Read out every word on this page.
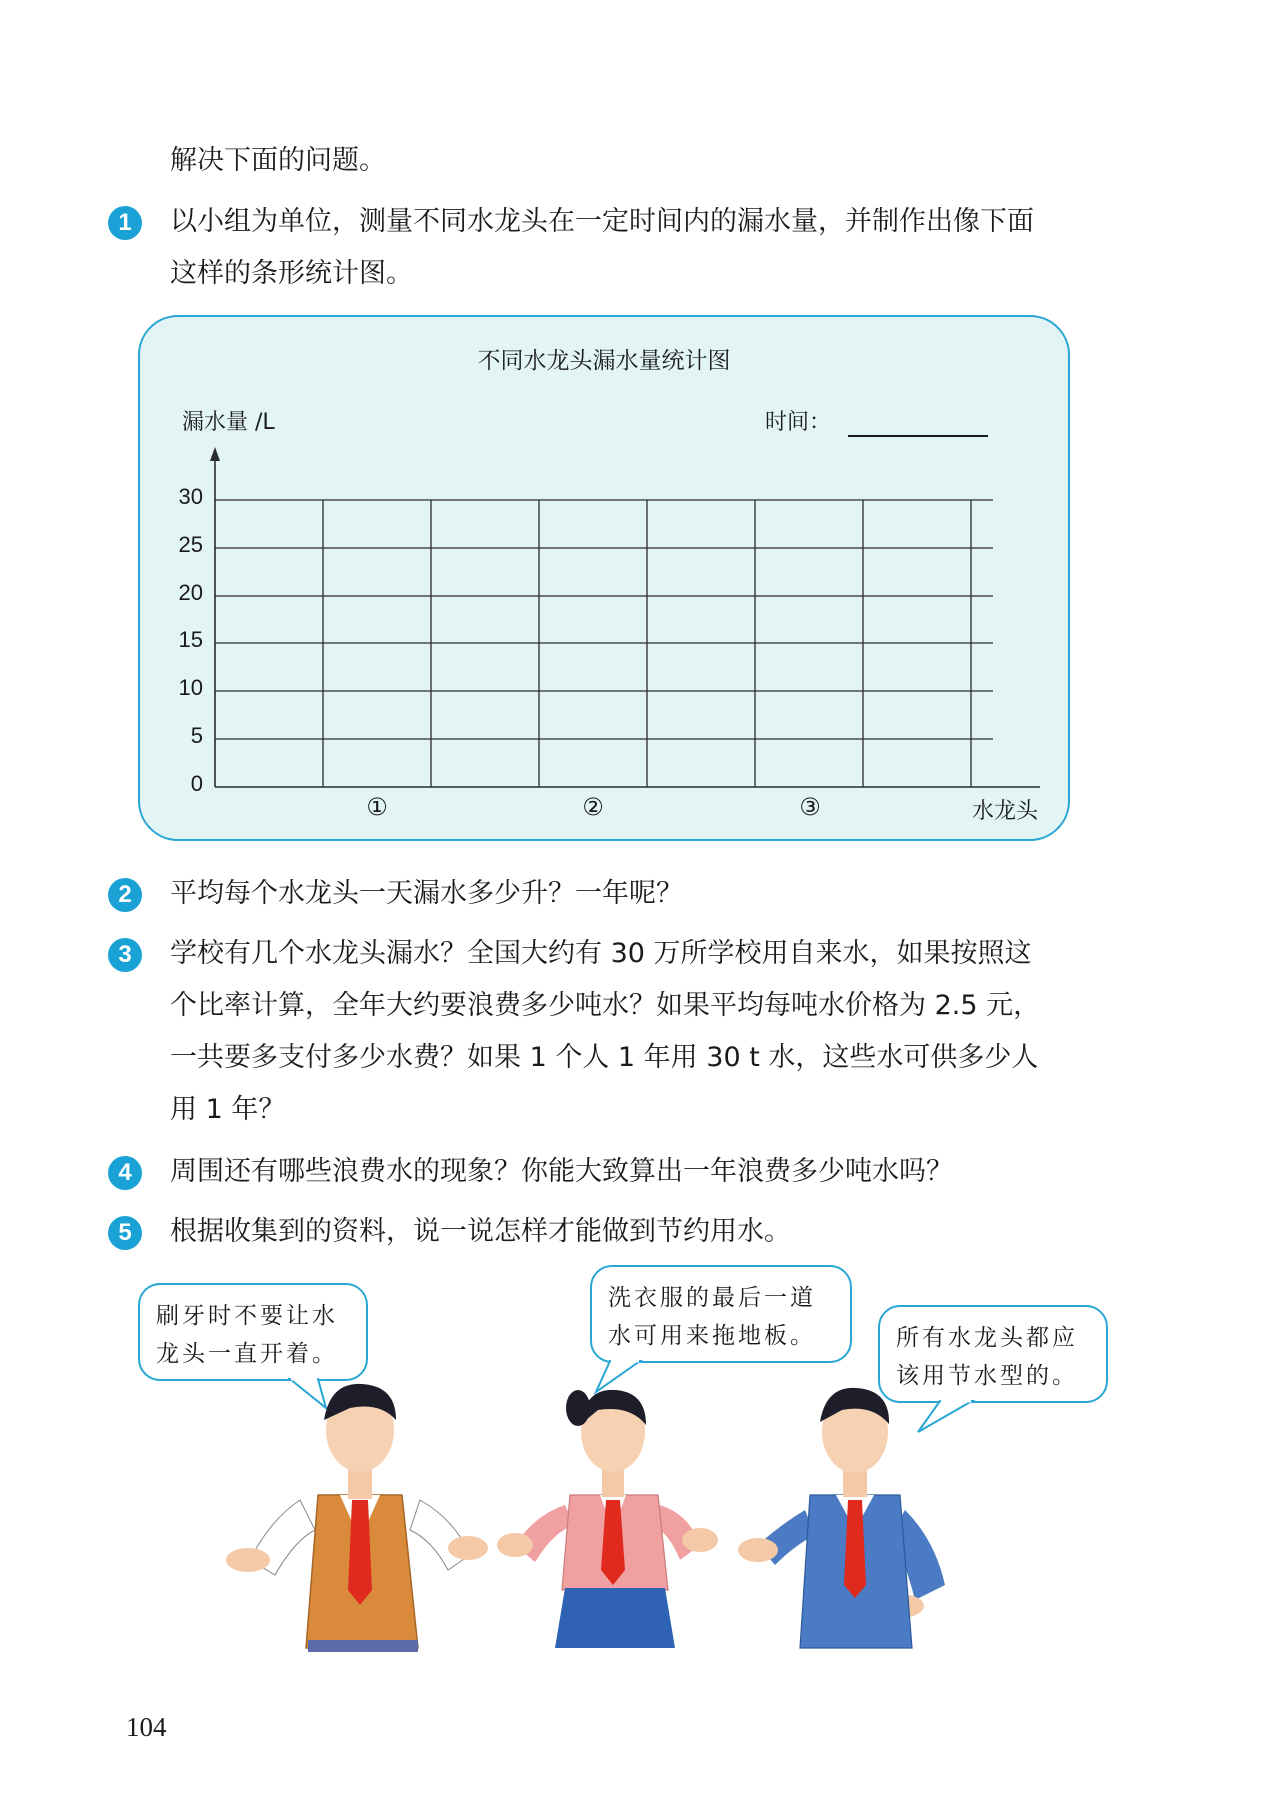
解决下面的问题。
1	以小组为单位，测量不同水龙头在一定时间内的漏水量，并制作出像下面
这样的条形统计图。
不同水龙头漏水量统计图
漏水量 /L	时间：
0
5
10
15
20
25
30
①	②	③	水龙头
2	平均每个水龙头一天漏水多少升？一年呢？
3	学校有几个水龙头漏水？全国大约有 30 万所学校用自来水，如果按照这
个比率计算，全年大约要浪费多少吨水？如果平均每吨水价格为 2.5 元，
一共要多支付多少水费？如果 1 个人 1 年用 30 t 水，这些水可供多少人
用 1 年？
4	周围还有哪些浪费水的现象？你能大致算出一年浪费多少吨水吗？
5	根据收集到的资料，说一说怎样才能做到节约用水。
刷牙时不要让水
龙头一直开着。
洗衣服的最后一道
水可用来拖地板。	所有水龙头都应
该用节水型的。
104
